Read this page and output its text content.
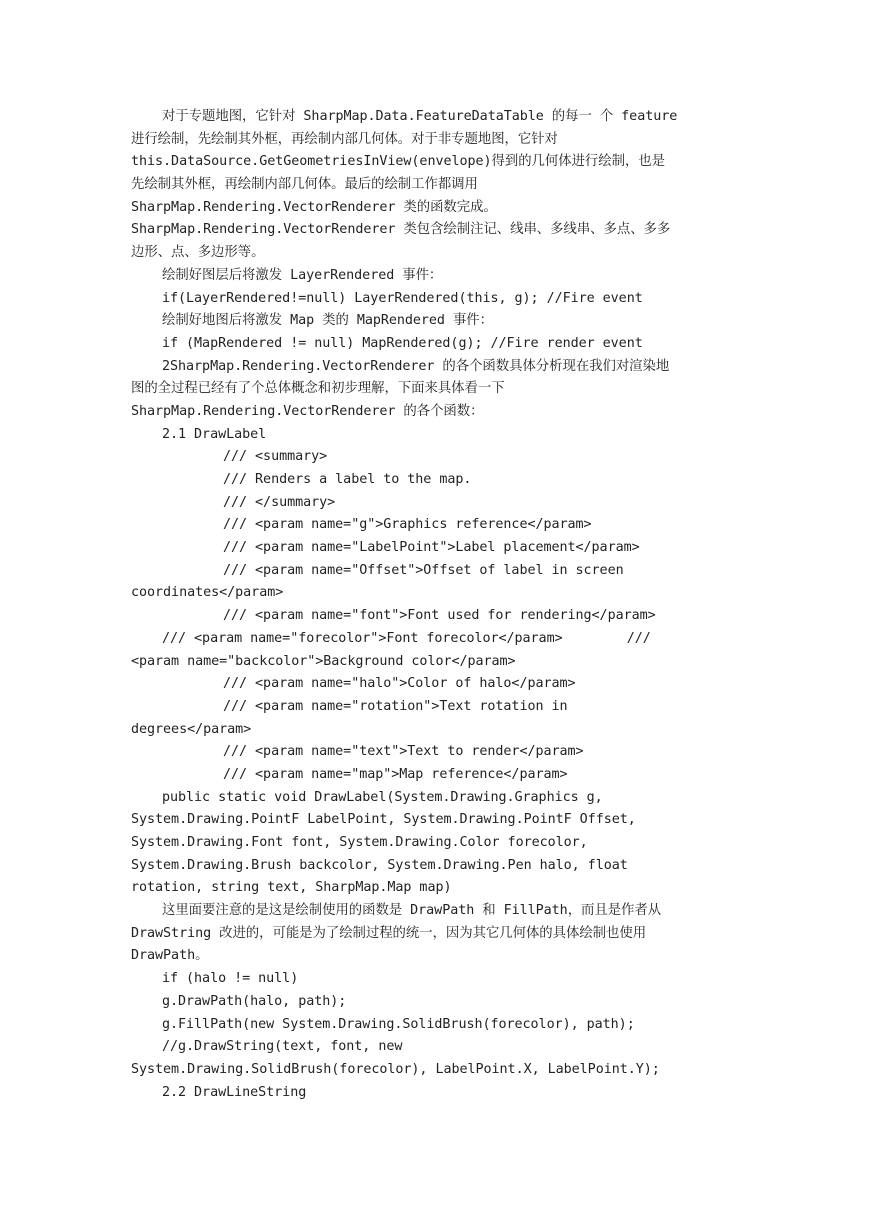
对于专题地图，它针对 SharpMap.Data.FeatureDataTable 的每一 个 feature
进行绘制，先绘制其外框，再绘制内部几何体。对于非专题地图，它针对
this.DataSource.GetGeometriesInView(envelope)得到的几何体进行绘制，也是
先绘制其外框，再绘制内部几何体。最后的绘制工作都调用
SharpMap.Rendering.VectorRenderer 类的函数完成。
SharpMap.Rendering.VectorRenderer 类包含绘制注记、线串、多线串、多点、多多
边形、点、多边形等。
绘制好图层后将激发 LayerRendered 事件：
if(LayerRendered!=null) LayerRendered(this, g); //Fire event
绘制好地图后将激发 Map 类的 MapRendered 事件：
if (MapRendered != null) MapRendered(g); //Fire render event
2SharpMap.Rendering.VectorRenderer 的各个函数具体分析现在我们对渲染地
图的全过程已经有了个总体概念和初步理解，下面来具体看一下
SharpMap.Rendering.VectorRenderer 的各个函数：
2.1 DrawLabel
/// <summary>
/// Renders a label to the map.
/// </summary>
/// <param name="g">Graphics reference</param>
/// <param name="LabelPoint">Label placement</param>
/// <param name="Offset">Offset of label in screen
coordinates</param>
/// <param name="font">Font used for rendering</param>
/// <param name="forecolor">Font forecolor</param>        ///
<param name="backcolor">Background color</param>
/// <param name="halo">Color of halo</param>
/// <param name="rotation">Text rotation in
degrees</param>
/// <param name="text">Text to render</param>
/// <param name="map">Map reference</param>
public static void DrawLabel(System.Drawing.Graphics g,
System.Drawing.PointF LabelPoint, System.Drawing.PointF Offset,
System.Drawing.Font font, System.Drawing.Color forecolor,
System.Drawing.Brush backcolor, System.Drawing.Pen halo, float
rotation, string text, SharpMap.Map map)
这里面要注意的是这是绘制使用的函数是 DrawPath 和 FillPath，而且是作者从
DrawString 改进的，可能是为了绘制过程的统一，因为其它几何体的具体绘制也使用
DrawPath。
if (halo != null)
g.DrawPath(halo, path);
g.FillPath(new System.Drawing.SolidBrush(forecolor), path);
//g.DrawString(text, font, new
System.Drawing.SolidBrush(forecolor), LabelPoint.X, LabelPoint.Y);
2.2 DrawLineString
